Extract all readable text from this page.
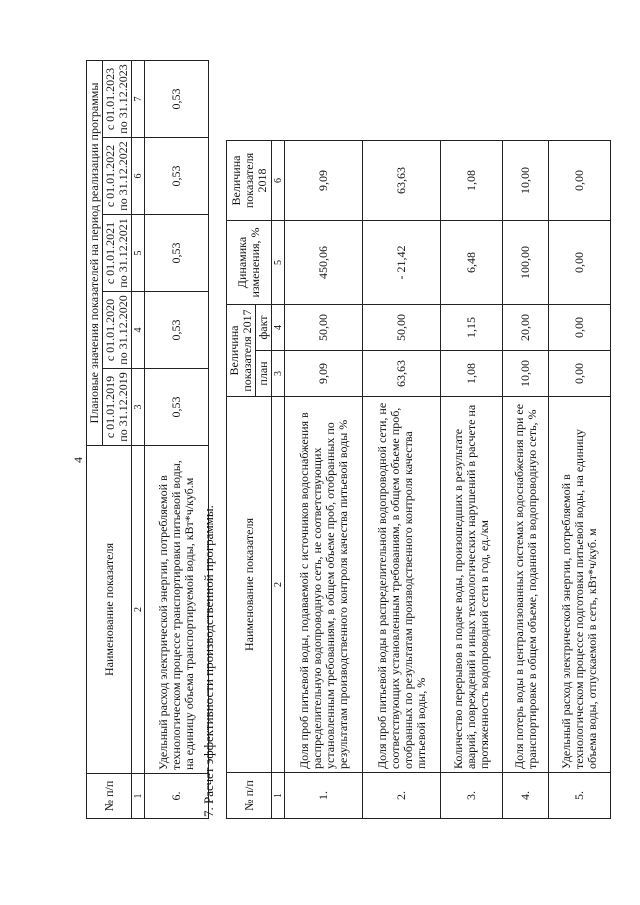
4
№ п/п	Наименование показателя	Плановые значения показателей на период реализации программы				
		с 01.01.2019 по 31.12.2019	с 01.01.2020 по 31.12.2020	с 01.01.2021 по 31.12.2021	с 01.01.2022 по 31.12.2022	с 01.01.2023 по 31.12.2023
1	2	3	4	5	6	7
6.	Удельный расход электрической энергии, потребляемой в технологическом процессе транспортировки питьевой воды, на единицу объема транспортируемой воды, кВт*ч/куб.м	0,53	0,53	0,53	0,53	0,53
7. Расчет эффективности производственной программы. № п/п	Наименование показателя	Величина показателя 2017		Динамика изменения, %	Величина показателя 2018
		план	факт		
1	2	3	4	5	6
1.	Доля проб питьевой воды, подаваемой с источников водоснабжения в распределительную водопроводную сеть, не соответствующих установленным требованиям, в общем объеме проб, отобранных по результатам производственного контроля качества питьевой воды %	9,09	50,00	450,06	9,09
2.	Доля проб питьевой воды в распределительной водопроводной сети, не соответствующих установленным требованиям, в общем объеме проб, отобранных по результатам производственного контроля качества питьевой воды, %	63,63	50,00	- 21,42	63,63
3.	Количество перерывов в подаче воды, произошедших в результате аварий, повреждений и иных технологических нарушений в расчете на протяженность водопроводной сети в год, ед./км	1,08	1,15	6,48	1,08
4.	Доля потерь воды в централизованных системах водоснабжения при ее транспортировке в общем объеме, поданной в водопроводную сеть, %	10,00	20,00	100,00	10,00
5.	Удельный расход электрической энергии, потребляемой в технологическом процессе подготовки питьевой воды, на единицу объема воды, отпускаемой в сеть, кВт*ч/куб. м	0,00	0,00	0,00	0,00
